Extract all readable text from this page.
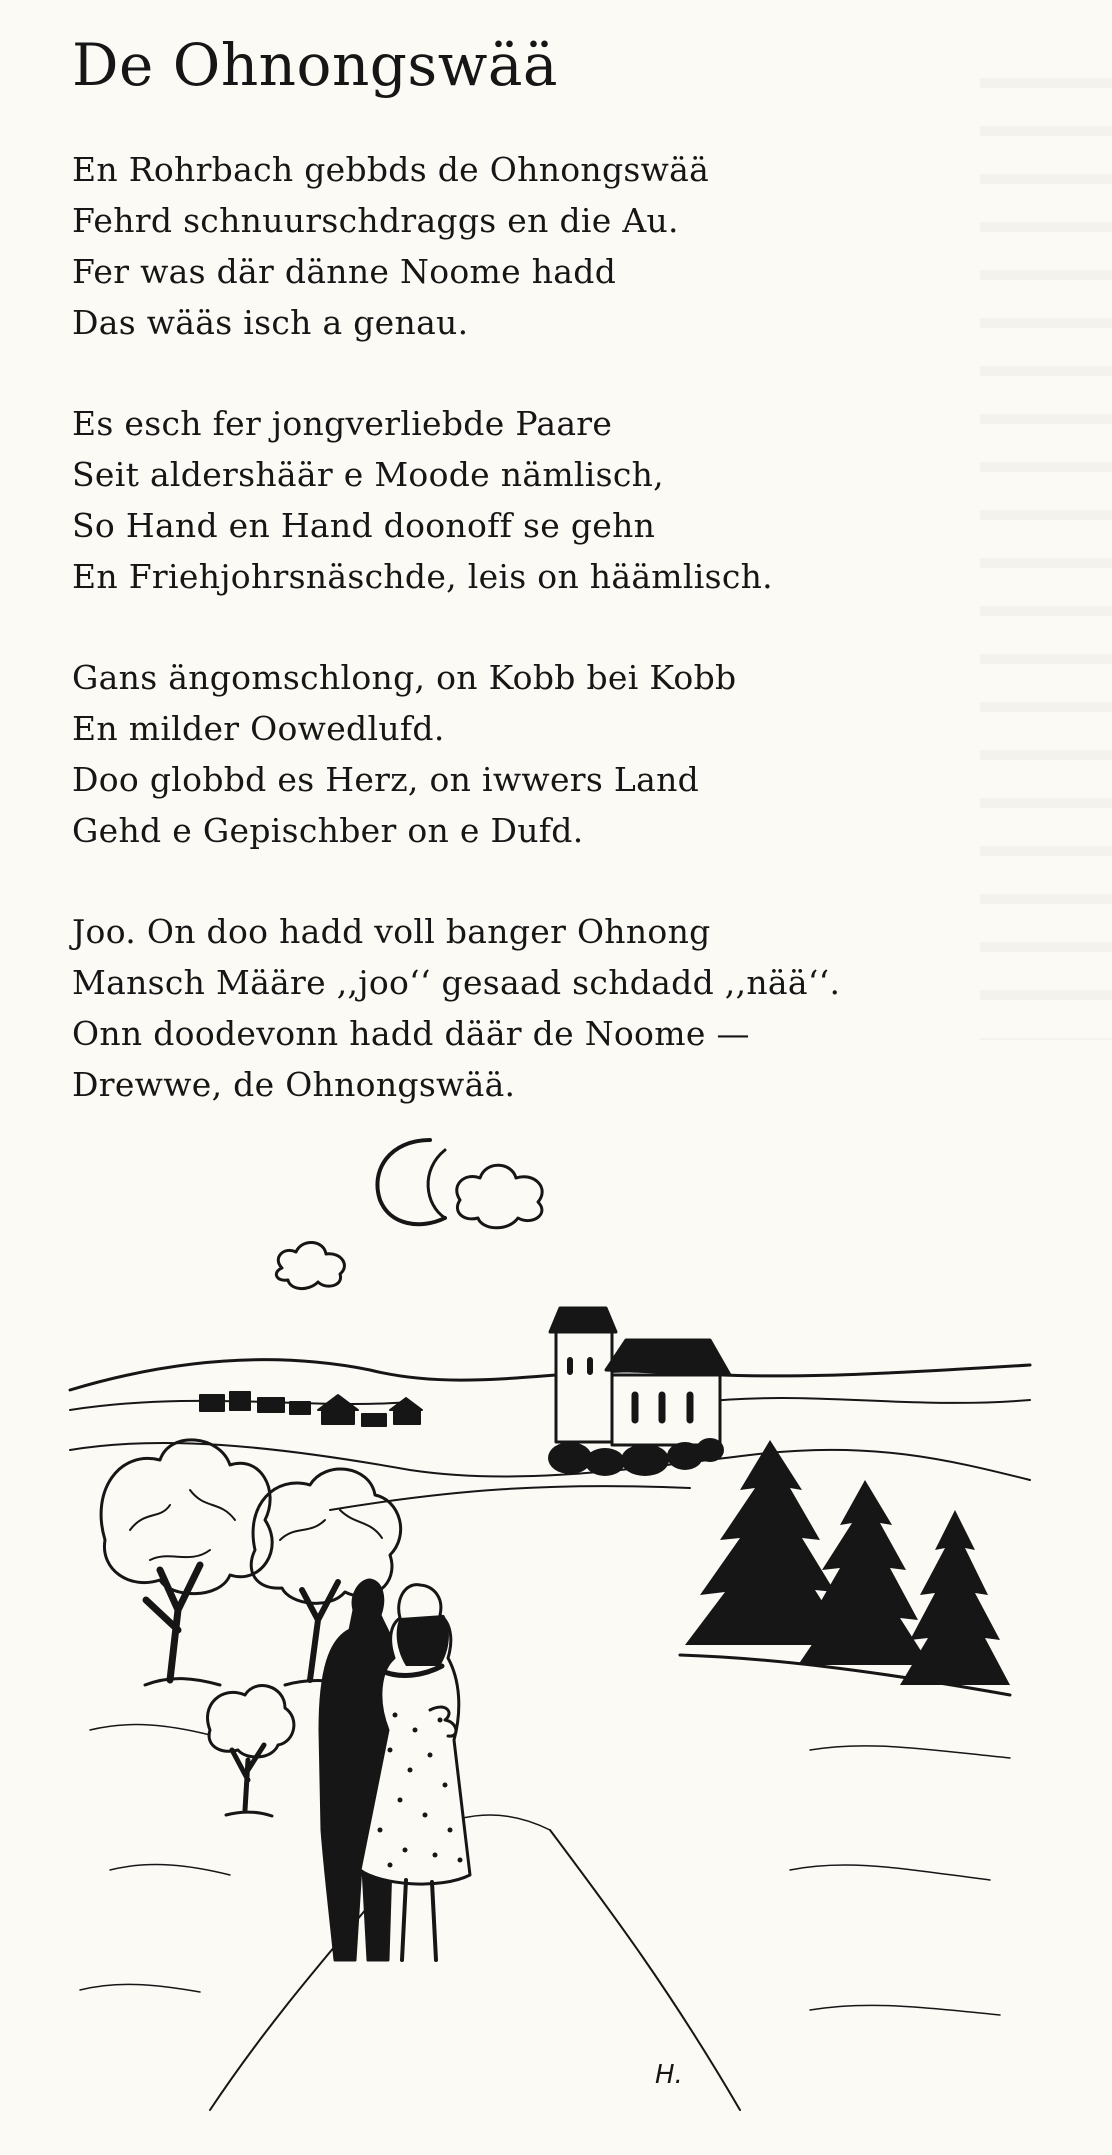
De Ohnongswää
En Rohrbach gebbds de Ohnongswää
Fehrd schnuurschdraggs en die Au.
Fer was där dänne Noome hadd
Das wääs isch a genau.
Es esch fer jongverliebde Paare
Seit aldershäär e Moode nämlisch,
So Hand en Hand doonoff se gehn
En Friehjohrsnäschde, leis on häämlisch.
Gans ängomschlong, on Kobb bei Kobb
En milder Oowedlufd.
Doo globbd es Herz, on iwwers Land
Gehd e Gepischber on e Dufd.
Joo. On doo hadd voll banger Ohnong
Mansch Määre ,,joo‘‘ gesaad schdadd ,,nää‘‘.
Onn doodevonn hadd däär de Noome —
Drewwe, de Ohnongswää.
H.
